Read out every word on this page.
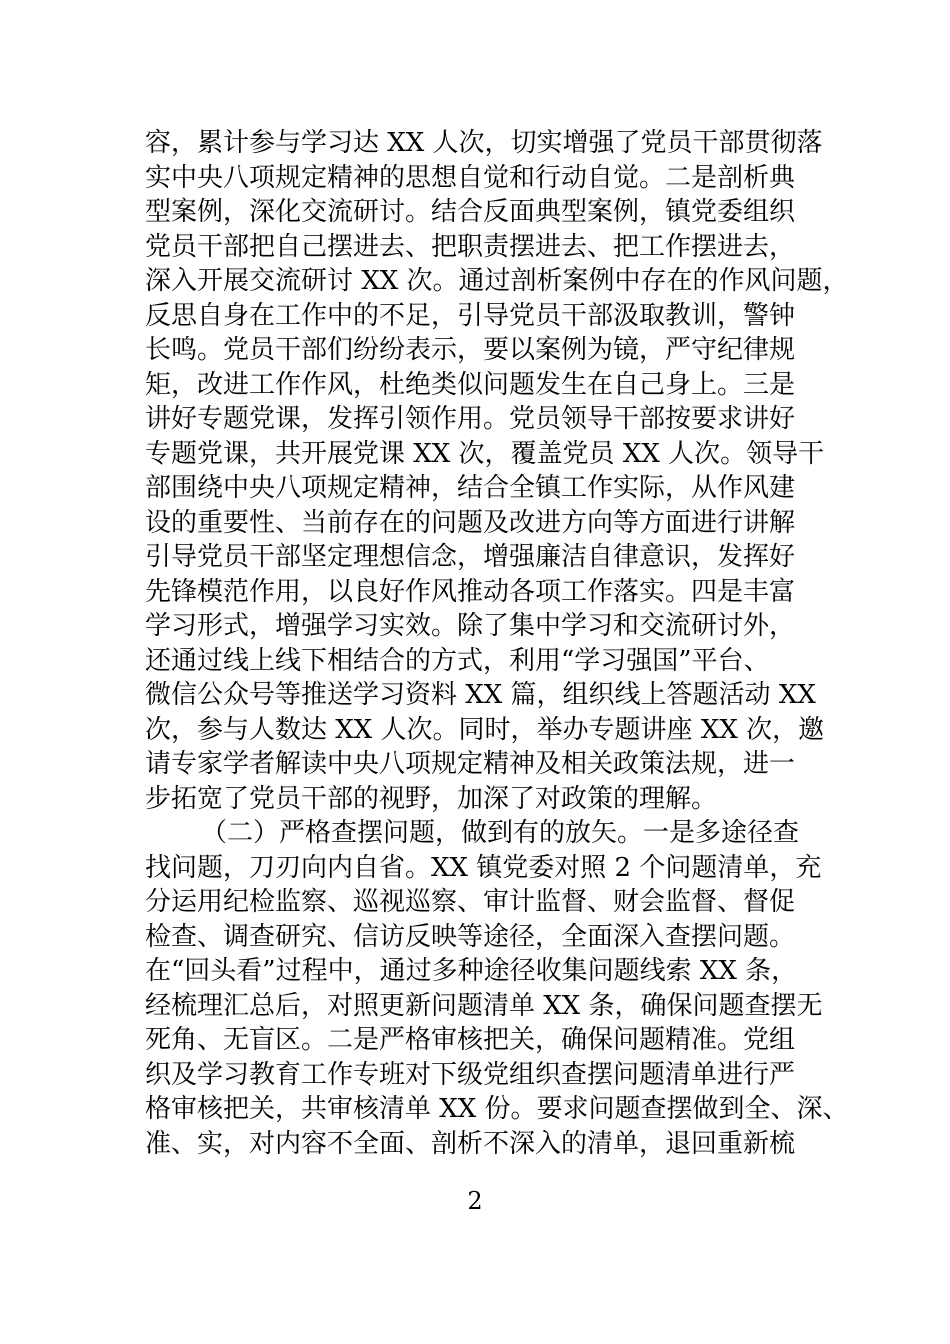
容，累计参与学习达 XX 人次，切实增强了党员干部贯彻落
实中央八项规定精神的思想自觉和行动自觉。二是剖析典
型案例，深化交流研讨。结合反面典型案例，镇党委组织
党员干部把自己摆进去、把职责摆进去、把工作摆进去，
深入开展交流研讨 XX 次。通过剖析案例中存在的作风问题，
反思自身在工作中的不足，引导党员干部汲取教训，警钟
长鸣。党员干部们纷纷表示，要以案例为镜，严守纪律规
矩，改进工作作风，杜绝类似问题发生在自己身上。三是
讲好专题党课，发挥引领作用。党员领导干部按要求讲好
专题党课，共开展党课 XX 次，覆盖党员 XX 人次。领导干
部围绕中央八项规定精神，结合全镇工作实际，从作风建
设的重要性、当前存在的问题及改进方向等方面进行讲解
引导党员干部坚定理想信念，增强廉洁自律意识，发挥好
先锋模范作用，以良好作风推动各项工作落实。四是丰富
学习形式，增强学习实效。除了集中学习和交流研讨外，
还通过线上线下相结合的方式，利用“学习强国”平台、
微信公众号等推送学习资料 XX 篇，组织线上答题活动 XX
次，参与人数达 XX 人次。同时，举办专题讲座 XX 次，邀
请专家学者解读中央八项规定精神及相关政策法规，进一
步拓宽了党员干部的视野，加深了对政策的理解。
（二）严格查摆问题，做到有的放矢。一是多途径查
找问题，刀刃向内自省。XX 镇党委对照 2 个问题清单，充
分运用纪检监察、巡视巡察、审计监督、财会监督、督促
检查、调查研究、信访反映等途径，全面深入查摆问题。
在“回头看”过程中，通过多种途径收集问题线索 XX 条，
经梳理汇总后，对照更新问题清单 XX 条，确保问题查摆无
死角、无盲区。二是严格审核把关，确保问题精准。党组
织及学习教育工作专班对下级党组织查摆问题清单进行严
格审核把关，共审核清单 XX 份。要求问题查摆做到全、深、
准、实，对内容不全面、剖析不深入的清单，退回重新梳
2
